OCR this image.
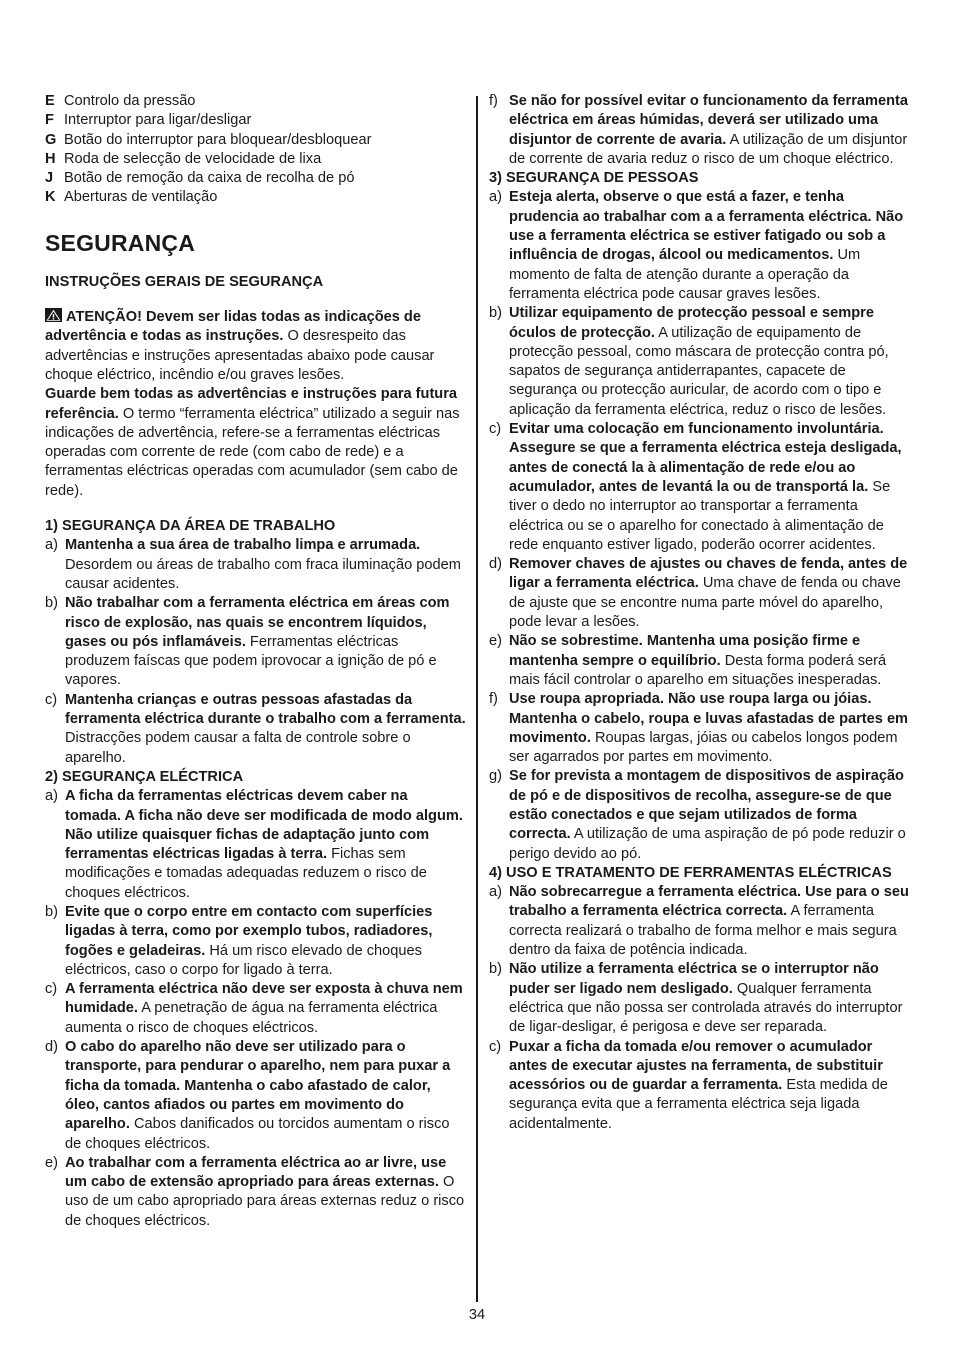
E Controlo da pressão
F Interruptor para ligar/desligar
G Botão do interruptor para bloquear/desbloquear
H Roda de selecção de velocidade de lixa
J Botão de remoção da caixa de recolha de pó
K Aberturas de ventilação
SEGURANÇA
INSTRUÇÕES GERAIS DE SEGURANÇA

ATENÇÃO! Devem ser lidas todas as indicações de advertência e todas as instruções. O desrespeito das advertências e instruções apresentadas abaixo pode causar choque eléctrico, incêndio e/ou graves lesões.
Guarde bem todas as advertências e instruções para futura referência. O termo “ferramenta eléctrica” utilizado a seguir nas indicações de advertência, refere-se a ferramentas eléctricas operadas com corrente de rede (com cabo de rede) e a ferramentas eléctricas operadas com acumulador (sem cabo de rede).

1) SEGURANÇA DA ÁREA DE TRABALHO

a) Mantenha a sua área de trabalho limpa e arrumada. Desordem ou áreas de trabalho com fraca iluminação podem causar acidentes.
b) Não trabalhar com a ferramenta eléctrica em áreas com risco de explosão, nas quais se encontrem líquidos, gases ou pós inflamáveis. Ferramentas eléctricas produzem faíscas que podem iprovocar a ignição de pó e vapores.
c) Mantenha crianças e outras pessoas afastadas da ferramenta eléctrica durante o trabalho com a ferramenta. Distracções podem causar a falta de controle sobre o aparelho.

2) SEGURANÇA ELÉCTRICA

a) A ficha da ferramentas eléctricas devem caber na tomada. A ficha não deve ser modificada de modo algum. Não utilize quaisquer fichas de adaptação junto com ferramentas eléctricas ligadas à terra. Fichas sem modificações e tomadas adequadas reduzem o risco de choques eléctricos.
b) Evite que o corpo entre em contacto com superfícies ligadas à terra, como por exemplo tubos, radiadores, fogões e geladeiras. Há um risco elevado de choques eléctricos, caso o corpo for ligado à terra.
c) A ferramenta eléctrica não deve ser exposta à chuva nem humidade. A penetração de água na ferramenta eléctrica aumenta o risco de choques eléctricos.
d) O cabo do aparelho não deve ser utilizado para o transporte, para pendurar o aparelho, nem para puxar a ficha da tomada. Mantenha o cabo afastado de calor, óleo, cantos afiados ou partes em movimento do aparelho. Cabos danificados ou torcidos aumentam o risco de choques eléctricos.
e) Ao trabalhar com a ferramenta eléctrica ao ar livre, use um cabo de extensão apropriado para áreas externas. O uso de um cabo apropriado para áreas externas reduz o risco de choques eléctricos.
f) Se não for possível evitar o funcionamento da ferramenta eléctrica em áreas húmidas, deverá ser utilizado uma disjuntor de corrente de avaria. A utilização de um disjuntor de corrente de avaria reduz o risco de um choque eléctrico.

3) SEGURANÇA DE PESSOAS

a) Esteja alerta, observe o que está a fazer, e tenha prudencia ao trabalhar com a a ferramenta eléctrica. Não use a ferramenta eléctrica se estiver fatigado ou sob a influência de drogas, álcool ou medicamentos. Um momento de falta de atenção durante a operação da ferramenta eléctrica pode causar graves lesões.
b) Utilizar equipamento de protecção pessoal e sempre óculos de protecção. A utilização de equipamento de protecção pessoal, como máscara de protecção contra pó, sapatos de segurança antiderrapantes, capacete de segurança ou protecção auricular, de acordo com o tipo e aplicação da ferramenta eléctrica, reduz o risco de lesões.
c) Evitar uma colocação em funcionamento involuntária. Assegure se que a ferramenta eléctrica esteja desligada, antes de conectá la à alimentação de rede e/ou ao acumulador, antes de levantá la ou de transportá la. Se tiver o dedo no interruptor ao transportar a ferramenta eléctrica ou se o aparelho for conectado à alimentação de rede enquanto estiver ligado, poderão ocorrer acidentes.
d) Remover chaves de ajustes ou chaves de fenda, antes de ligar a ferramenta eléctrica. Uma chave de fenda ou chave de ajuste que se encontre numa parte móvel do aparelho, pode levar a lesões.
e) Não se sobrestime. Mantenha uma posição firme e mantenha sempre o equilíbrio. Desta forma poderá será mais fácil controlar o aparelho em situações inesperadas.
f) Use roupa apropriada. Não use roupa larga ou jóias. Mantenha o cabelo, roupa e luvas afastadas de partes em movimento. Roupas largas, jóias ou cabelos longos podem ser agarrados por partes em movimento.
g) Se for prevista a montagem de dispositivos de aspiração de pó e de dispositivos de recolha, assegure-se de que estão conectados e que sejam utilizados de forma correcta. A utilização de uma aspiração de pó pode reduzir o perigo devido ao pó.

4) USO E TRATAMENTO DE FERRAMENTAS ELÉCTRICAS

a) Não sobrecarregue a ferramenta eléctrica. Use para o seu trabalho a ferramenta eléctrica correcta. A ferramenta correcta realizará o trabalho de forma melhor e mais segura dentro da faixa de potência indicada.
b) Não utilize a ferramenta eléctrica se o interruptor não puder ser ligado nem desligado. Qualquer ferramenta eléctrica que não possa ser controlada através do interruptor de ligar-desligar, é perigosa e deve ser reparada.
c) Puxar a ficha da tomada e/ou remover o acumulador antes de executar ajustes na ferramenta, de substituir acessórios ou de guardar a ferramenta. Esta medida de segurança evita que a ferramenta eléctrica seja ligada acidentalmente.
34
